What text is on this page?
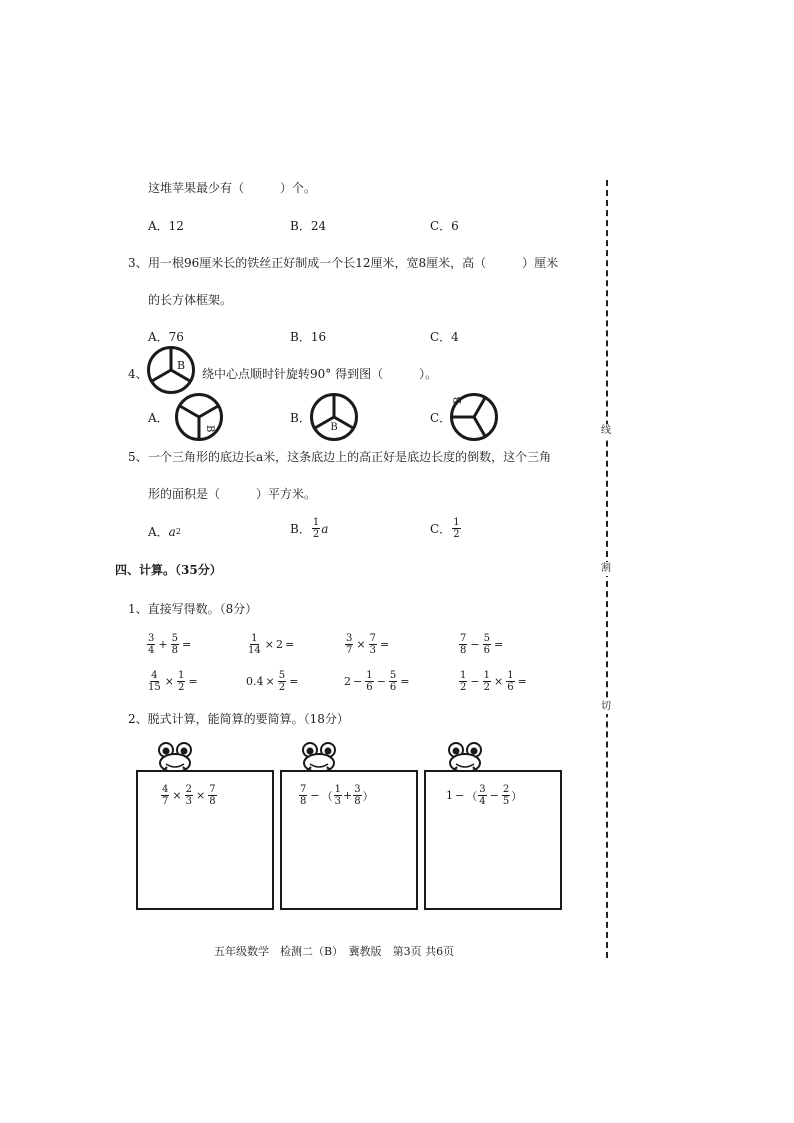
这堆苹果最少有（　　　）个。
A．12	B．24	C．6
3、 用一根96厘米长的铁丝正好制成一个长12厘米，宽8厘米，高（　　　）厘米
的长方体框架。
A．76	B．16	C．4
4、
B
绕中心点顺时针旋转90° 得到图（　　　）。
A．
B
B．
B
C．
B
5、 一个三角形的底边长a米，这条底边上的高正好是底边长度的倒数，这个三角
形的面积是（　　　）平方米。
A． a 2	B． $\frac{1}{2}$ a	C． $\frac{1}{2}$
四、计算。（35分）
1、直接写得数。（8分）
$\frac{3}{4} + \frac{5}{8}$ =	$\frac{1}{14} \times 2$ =	$\frac{3}{7} \times \frac{7}{3}$ =	$\frac{7}{8} - \frac{5}{6}$ =
$\frac{4}{15} \times \frac{1}{2}$ =	$0.4 \times \frac{5}{2}$ =	$2 - \frac{1}{6} - \frac{5}{6}$ =	$\frac{1}{2} - \frac{1}{2} \times \frac{1}{6}$ =
2、脱式计算，能简算的要简算。（18分）
$\frac{4}{7} \times \frac{2}{3} \times \frac{7}{8}$	$\frac{7}{8}$ − （ $\frac{1}{3} + \frac{3}{8}$ ）	1 − （ $\frac{3}{4} - \frac{2}{5}$ ）
五年级数学　检测二（B）　冀教版　第3页 共6页
线
割
切
